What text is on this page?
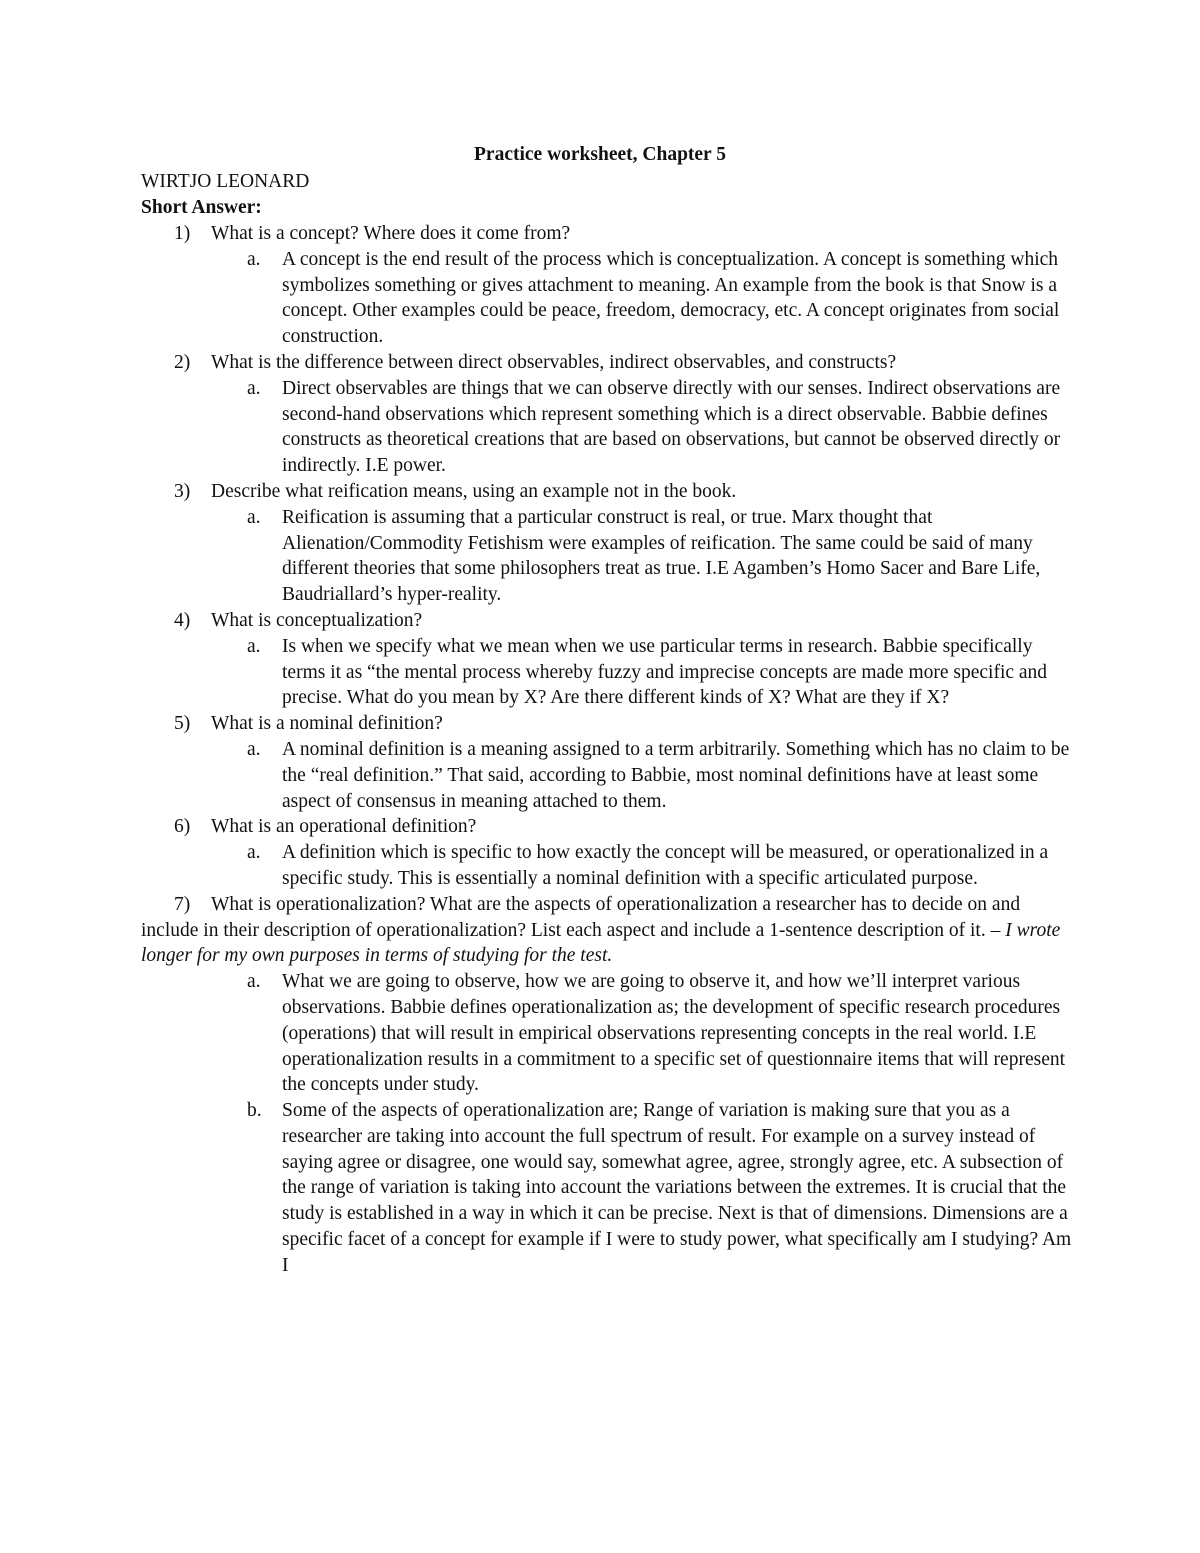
Practice worksheet, Chapter 5

WIRTJO LEONARD

Short Answer:

1) What is a concept? Where does it come from?
a. A concept is the end result of the process which is conceptualization. A concept is something which symbolizes something or gives attachment to meaning. An example from the book is that Snow is a concept. Other examples could be peace, freedom, democracy, etc. A concept originates from social construction.
2) What is the difference between direct observables, indirect observables, and constructs?
a. Direct observables are things that we can observe directly with our senses. Indirect observations are second-hand observations which represent something which is a direct observable. Babbie defines constructs as theoretical creations that are based on observations, but cannot be observed directly or indirectly. I.E power.
3) Describe what reification means, using an example not in the book.
a. Reification is assuming that a particular construct is real, or true. Marx thought that Alienation/Commodity Fetishism were examples of reification. The same could be said of many different theories that some philosophers treat as true. I.E Agamben’s Homo Sacer and Bare Life, Baudriallard’s hyper-reality.
4) What is conceptualization?
a. Is when we specify what we mean when we use particular terms in research. Babbie specifically terms it as “the mental process whereby fuzzy and imprecise concepts are made more specific and precise. What do you mean by X? Are there different kinds of X? What are they if X?
5) What is a nominal definition?
a. A nominal definition is a meaning assigned to a term arbitrarily. Something which has no claim to be the “real definition.” That said, according to Babbie, most nominal definitions have at least some aspect of consensus in meaning attached to them.
6) What is an operational definition?
a. A definition which is specific to how exactly the concept will be measured, or operationalized in a specific study. This is essentially a nominal definition with a specific articulated purpose.
7)	What is operationalization? What are the aspects of operationalization a researcher has to decide on and include in their description of operationalization? List each aspect and include a 1-sentence description of it. – I wrote longer for my own purposes in terms of studying for the test.
a. What we are going to observe, how we are going to observe it, and how we’ll interpret various observations. Babbie defines operationalization as; the development of specific research procedures (operations) that will result in empirical observations representing concepts in the real world. I.E operationalization results in a commitment to a specific set of questionnaire items that will represent the concepts under study.
b. Some of the aspects of operationalization are; Range of variation is making sure that you as a researcher are taking into account the full spectrum of result. For example on a survey instead of saying agree or disagree, one would say, somewhat agree, agree, strongly agree, etc. A subsection of the range of variation is taking into account the variations between the extremes. It is crucial that the study is established in a way in which it can be precise. Next is that of dimensions. Dimensions are a specific facet of a concept for example if I were to study power, what specifically am I studying? Am I
